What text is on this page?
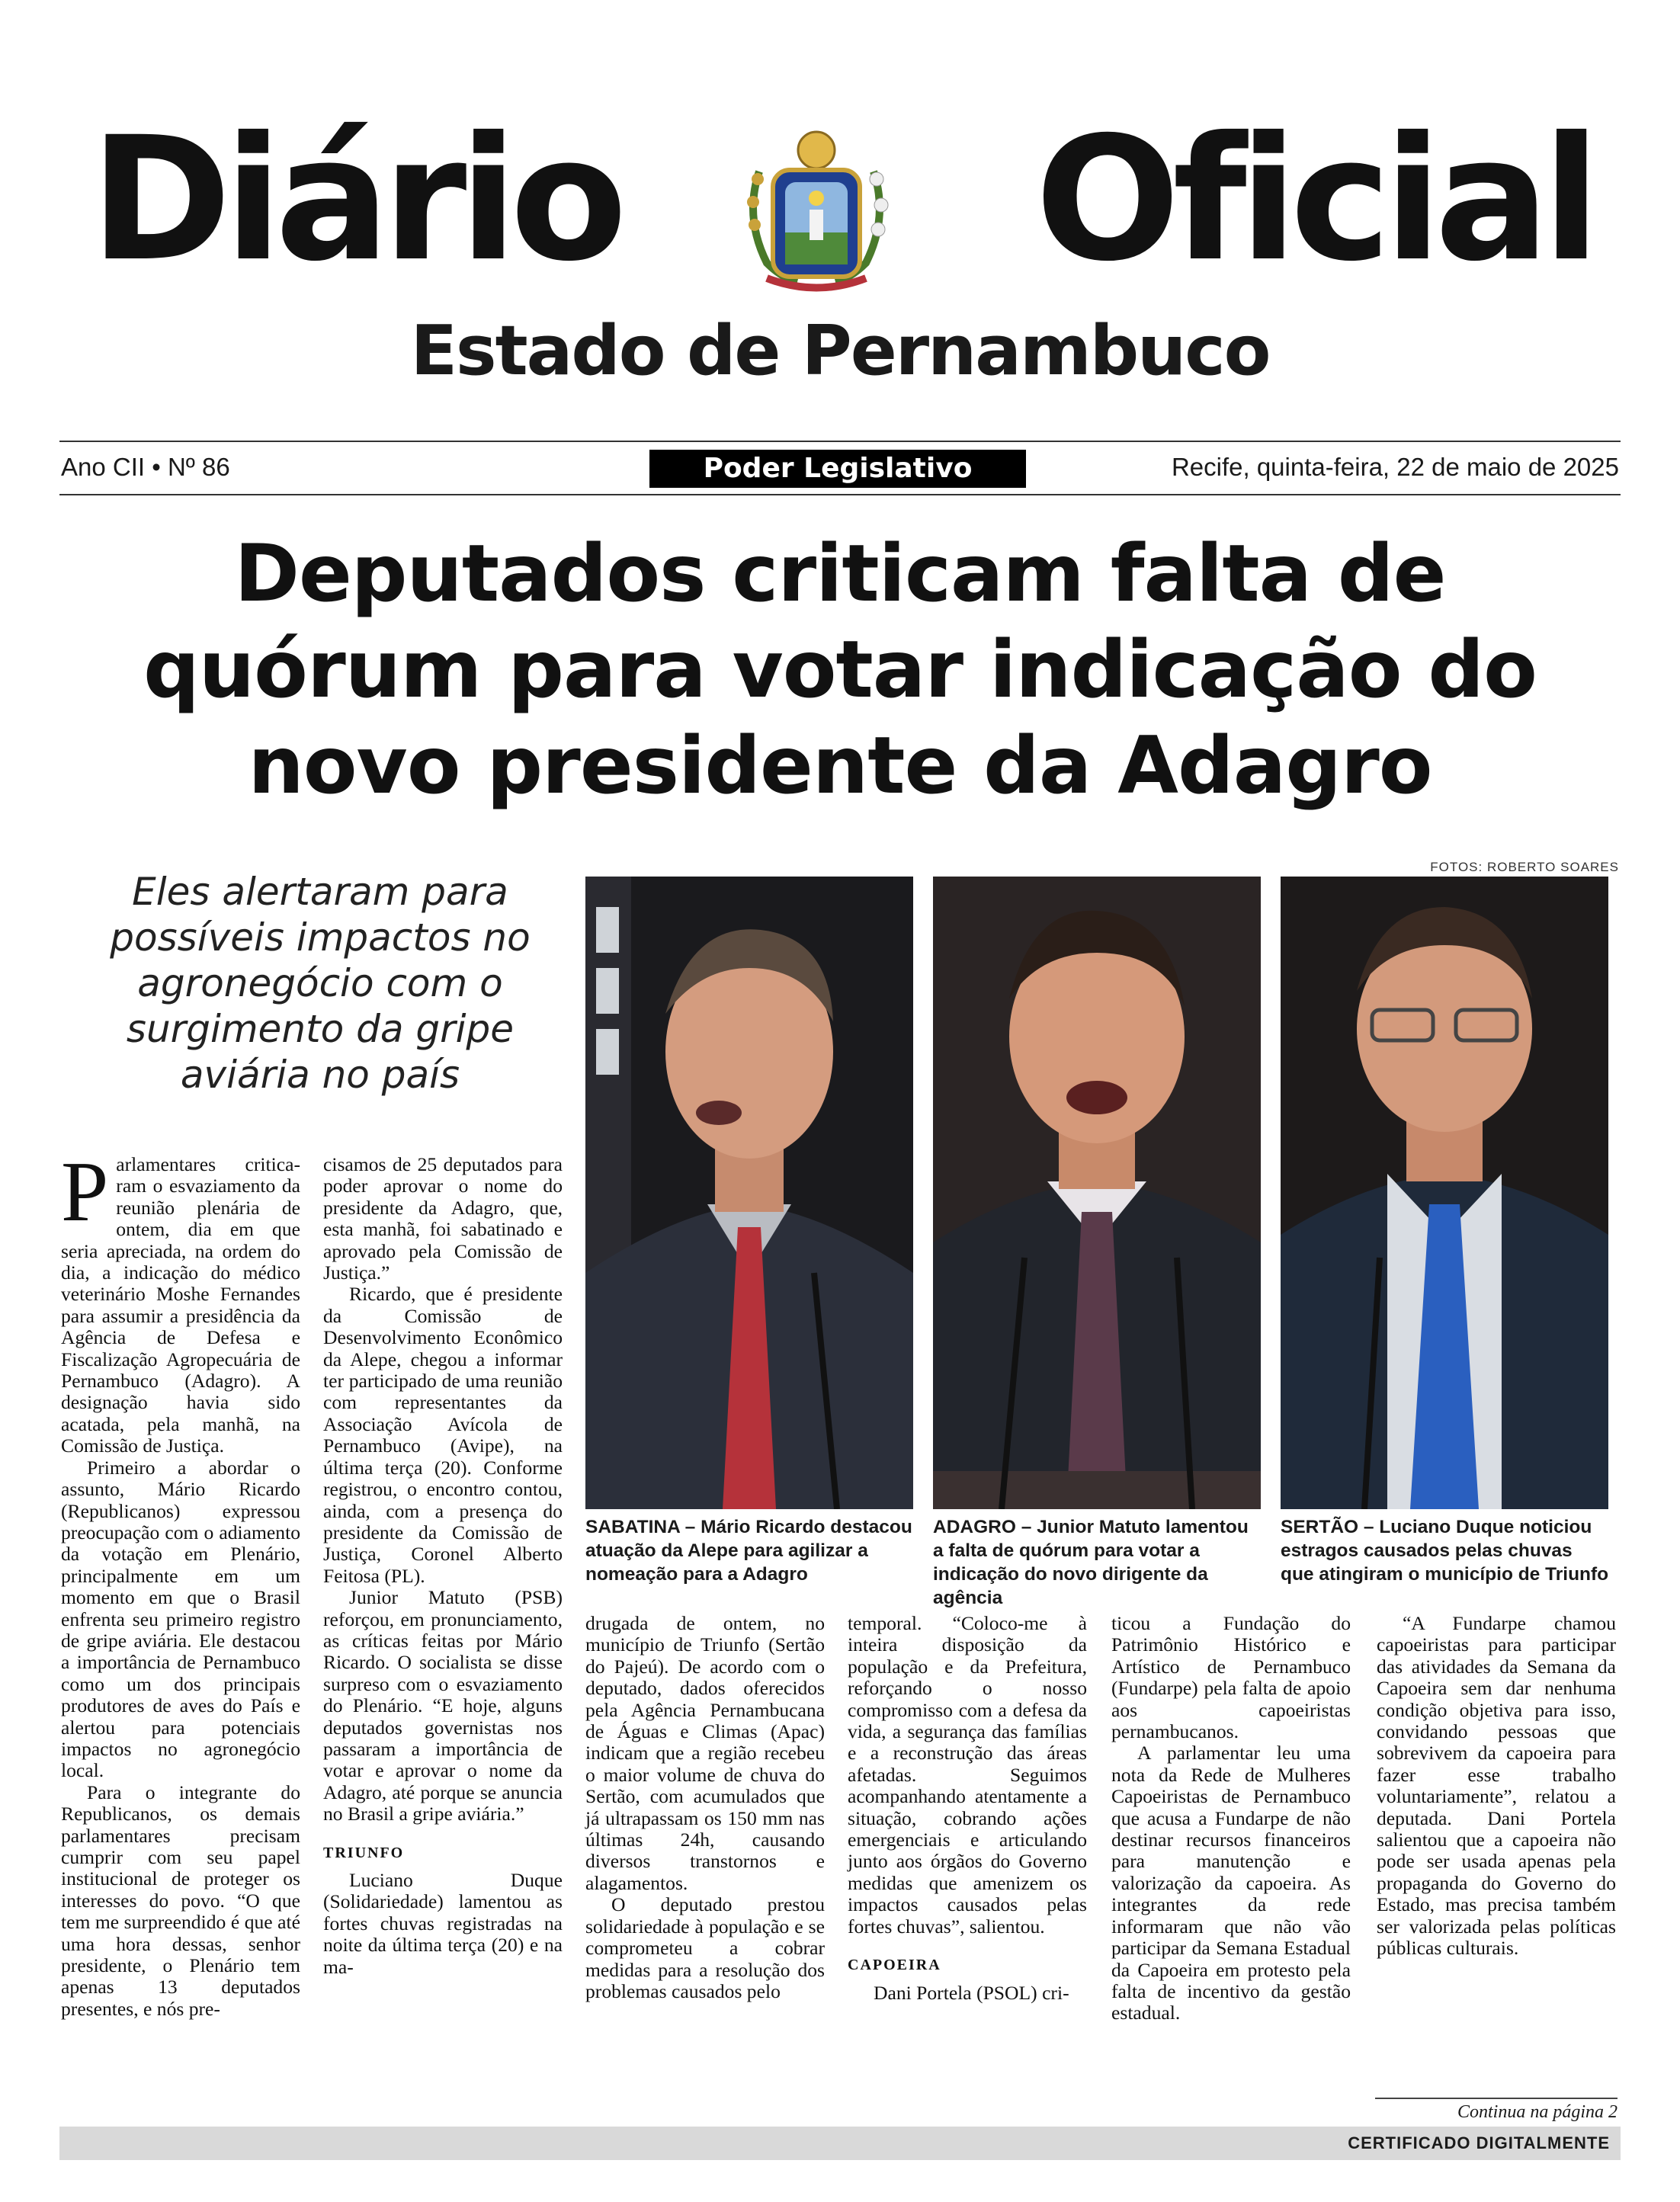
Diário Oficial
Estado de Pernambuco
Ano CII • Nº 86	Poder Legislativo	Recife, quinta-feira, 22 de maio de 2025
Deputados criticam falta de
quórum para votar indicação do
novo presidente da Adagro
FOTOS: ROBERTO SOARES
Eles alertaram para
possíveis impactos no
agronegócio com o
surgimento da gripe
aviária no país
SABATINA – Mário Ricardo destacou atuação da Alepe para agilizar a nomeação para a Adagro
ADAGRO – Junior Matuto lamentou a falta de quórum para votar a indicação do novo dirigente da agência
SERTÃO – Luciano Duque noticiou estragos causados pelas chuvas que atingiram o município de Triunfo

Parlamentares critica-ram o esvaziamento da reunião plenária de ontem, dia em que seria apreciada, na ordem do dia, a indicação do médico veterinário Moshe Fernandes para assumir a presidência da Agência de Defesa e Fiscalização Agropecuária de Pernambuco (Adagro). A designação havia sido acatada, pela manhã, na Comissão de Justiça.

Primeiro a abordar o assunto, Mário Ricardo (Republicanos) expressou preocupação com o adiamento da votação em Plenário, principalmente em um momento em que o Brasil enfrenta seu primeiro registro de gripe aviária. Ele destacou a importância de Pernambuco como um dos principais produtores de aves do País e alertou para potenciais impactos no agronegócio local.

Para o integrante do Republicanos, os demais parlamentares precisam cumprir com seu papel institucional de proteger os interesses do povo. “O que tem me surpreendido é que até uma hora dessas, senhor presidente, o Plenário tem apenas 13 deputados presentes, e nós pre-

cisamos de 25 deputados para poder aprovar o nome do presidente da Adagro, que, esta manhã, foi sabatinado e aprovado pela Comissão de Justiça.”

Ricardo, que é presidente da Comissão de Desenvolvimento Econômico da Alepe, chegou a informar ter participado de uma reunião com representantes da Associação Avícola de Pernambuco (Avipe), na última terça (20). Conforme registrou, o encontro contou, ainda, com a presença do presidente da Comissão de Justiça, Coronel Alberto Feitosa (PL).

Junior Matuto (PSB) reforçou, em pronunciamento, as críticas feitas por Mário Ricardo. O socialista se disse surpreso com o esvaziamento do Plenário. “E hoje, alguns deputados governistas nos passaram a importância de votar e aprovar o nome da Adagro, até porque se anuncia no Brasil a gripe aviária.”

TRIUNFO

Luciano Duque (Solidariedade) lamentou as fortes chuvas registradas na noite da última terça (20) e na ma-

drugada de ontem, no município de Triunfo (Sertão do Pajeú). De acordo com o deputado, dados oferecidos pela Agência Pernambucana de Águas e Climas (Apac) indicam que a região recebeu o maior volume de chuva do Sertão, com acumulados que já ultrapassam os 150 mm nas últimas 24h, causando diversos transtornos e alagamentos.

O deputado prestou solidariedade à população e se comprometeu a cobrar medidas para a resolução dos problemas causados pelo

temporal. “Coloco-me à inteira disposição da população e da Prefeitura, reforçando o nosso compromisso com a defesa da vida, a segurança das famílias e a reconstrução das áreas afetadas. Seguimos acompanhando atentamente a situação, cobrando ações emergenciais e articulando junto aos órgãos do Governo medidas que amenizem os impactos causados pelas fortes chuvas”, salientou.

CAPOEIRA

Dani Portela (PSOL) cri-

ticou a Fundação do Patrimônio Histórico e Artístico de Pernambuco (Fundarpe) pela falta de apoio aos capoeiristas pernambucanos.

A parlamentar leu uma nota da Rede de Mulheres Capoeiristas de Pernambuco que acusa a Fundarpe de não destinar recursos financeiros para manutenção e valorização da capoeira. As integrantes da rede informaram que não vão participar da Semana Estadual da Capoeira em protesto pela falta de incentivo da gestão estadual.

“A Fundarpe chamou capoeiristas para participar das atividades da Semana da Capoeira sem dar nenhuma condição objetiva para isso, convidando pessoas que sobrevivem da capoeira para fazer esse trabalho voluntariamente”, relatou a deputada. Dani Portela salientou que a capoeira não pode ser usada apenas pela propaganda do Governo do Estado, mas precisa também ser valorizada pelas políticas públicas culturais.

Continua na página 2
CERTIFICADO DIGITALMENTE
